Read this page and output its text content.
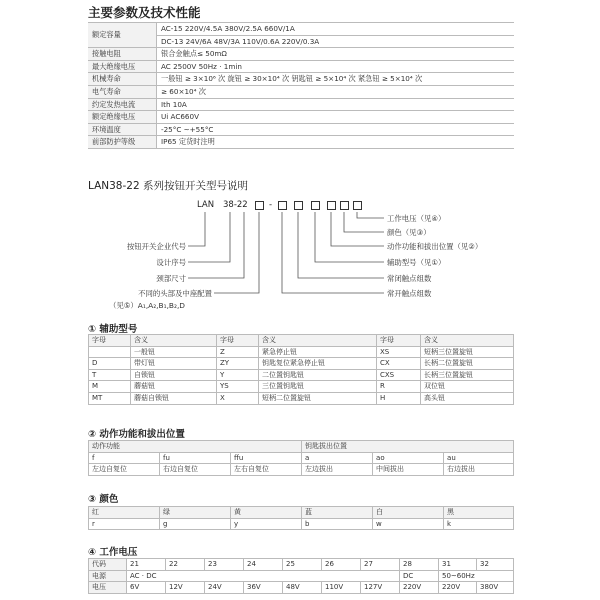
主要参数及技术性能
额定容量	AC-15 220V/4.5A 380V/2.5A 660V/1A
DC-13 24V/6A 48V/3A 110V/0.6A 220V/0.3A

接触电阻	银合金触点≤ 50mΩ
最大绝缘电压	AC 2500V 50Hz · 1min
机械寿命	一般钮 ≥ 3×10⁶ 次 旋钮 ≥ 30×10⁴ 次 钥匙钮 ≥ 5×10⁴ 次 紧急钮 ≥ 5×10⁴ 次
电气寿命	≥ 60×10⁴ 次
约定发热电流	Ith 10A
额定绝缘电压	Ui AC660V
环境温度	-25°C ~+55°C
前部防护等级	IP65 定货时注明
LAN38-22 系列按钮开关型号说明
LAN 38-22	-
按钮开关企业代号
设计序号
颈部尺寸
不同的头部及中座配置
（见⑤）A₁,A₂,B₁,B₂,D
工作电压（见④）
颜色（见③）
动作功能和拔出位置（见②）
辅助型号（见①）
常闭触点组数
常开触点组数
① 辅助型号
字母	含义	字母	含义	字母	含义
	一般钮	Z	紧急停止钮	XS	短柄三位置旋钮
D	带灯钮	ZY	钥匙复位紧急停止钮	CX	长柄二位置旋钮
T	自锁钮	Y	二位置钥匙钮	CXS	长柄三位置旋钮
M	蘑菇钮	YS	三位置钥匙钮	R	双位钮
MT	蘑菇自锁钮	X	短柄二位置旋钮	H	高头钮
② 动作功能和拔出位置
动作功能			钥匙拔出位置		
f	fu	ffu	a	ao	au
左边自复位	右边自复位	左右自复位	左边拔出	中间拔出	右边拔出
③ 颜色
红	绿	黄	蓝	白	黑
r	g	y	b	w	k
④ 工作电压
代码	21	22	23	24	25	26	27	28	31	32
电源	AC · DC							DC	50~60Hz	
电压	6V	12V	24V	36V	48V	110V	127V	220V	220V	380V
